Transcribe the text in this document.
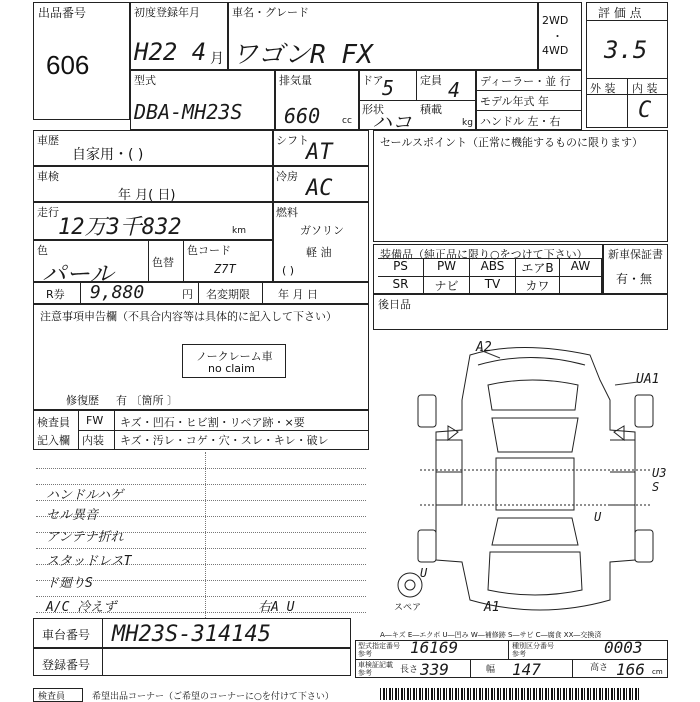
出品番号
606
初度登録年月
H22 4 月
車名・グレード
ワゴンR FX
2WD
・
4WD
評 価 点
3.5
外 装 内 装
C
型式
DBA-MH23S
排気量
660 cc
ドア
5 定員 4
形状
ハコ
積載
kg
ディーラー・並 行
モデル年式 年
ハンドル 左・右
車歴
自家用・( )
車検
年 月( 日)
走行
12万3千832	km
色
パール	色替
色コード
Z7T
シフト
AT
冷房 AC
燃料
ガソリン
軽 油
( )
セールスポイント（正常に機能するものに限ります）
装備品（純正品に限り○をつけて下さい）
PS	PW	ABS	エアB	AW
SR	ナビ	TV	カワ
新車保証書
有・無
後日品
R券 9,880	円 名変期限	年 月 日
注意事項申告欄（不具合内容等は具体的に記入して下さい）
ノークレーム車
no claim
修復歴 有 〔箇所 〕
検査員
記入欄
FW キズ・凹石・ヒビ割・リペア跡・×要
内装 キズ・汚レ・コゲ・穴・スレ・キレ・破レ
ハンドルハゲ
セル異音
アンテナ折れ
スタッドレスT
ド廻りS
A/C 冷えず	右A U
車台番号 MH23S-314145
登録番号
A―キズ E―エクボ U―凹み W―補修跡 S―サビ C―腐食 XX―交換済
型式指定番号
参考	16169	種別区分番号
参考	0003
車検証記載
参考	長さ 339	幅 147	高さ 166 cm
検査員	希望出品コーナー（ご希望のコーナーに○を付けて下さい）
A2
UA1
U3 S
U
U
A1
スペア
